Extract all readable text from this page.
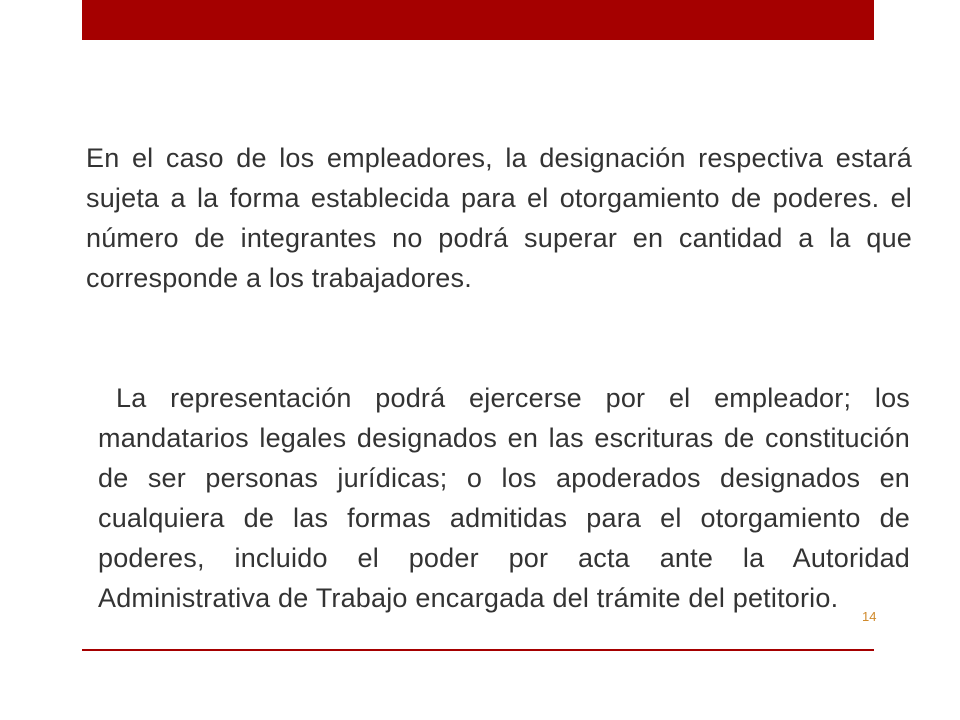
En el caso de los empleadores, la designación respectiva estará sujeta a la forma establecida para el otorgamiento de poderes. el número de integrantes no podrá superar en cantidad a la que corresponde a los trabajadores.

La representación podrá ejercerse por el empleador; los mandatarios legales designados en las escrituras de constitución de ser personas jurídicas; o los apoderados designados en cualquiera de las formas admitidas para el otorgamiento de poderes, incluido el poder por acta ante la Autoridad Administrativa de Trabajo encargada del trámite del petitorio.

14
